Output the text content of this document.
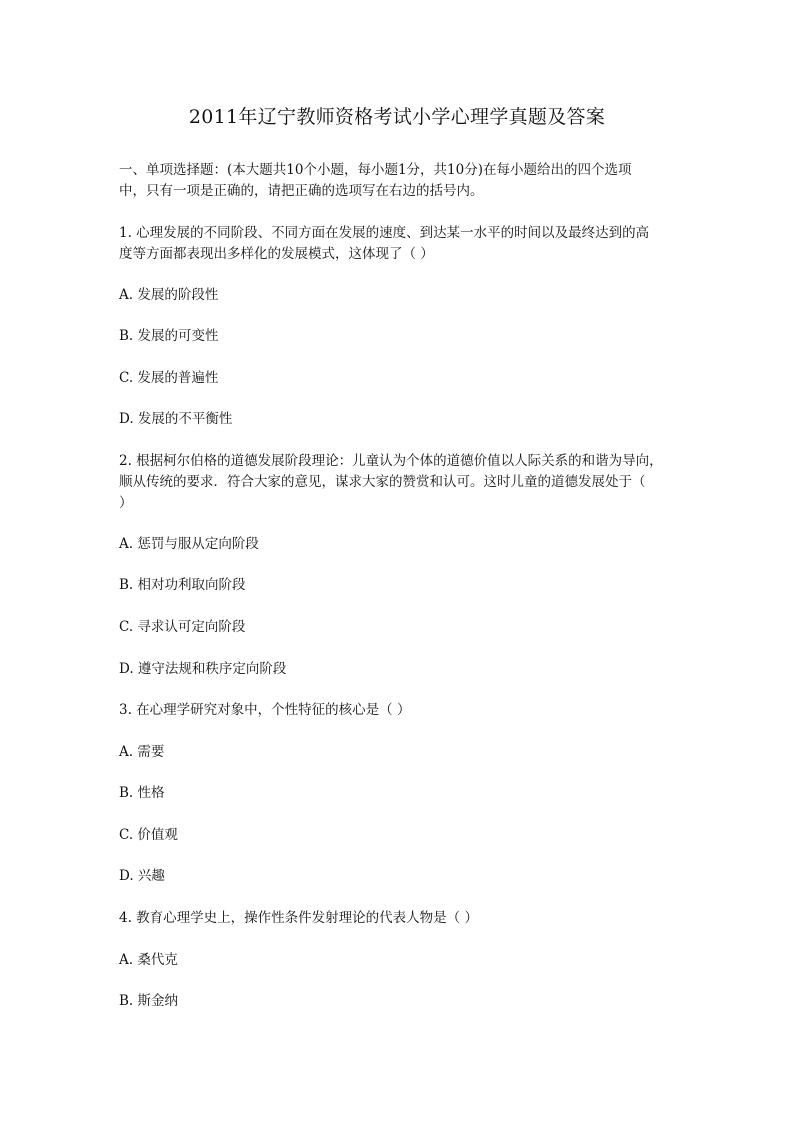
2011年辽宁教师资格考试小学心理学真题及答案
一、单项选择题：(本大题共10个小题，每小题1分，共10分)在每小题给出的四个选项
中，只有一项是正确的，请把正确的选项写在右边的括号内。
1. 心理发展的不同阶段、不同方面在发展的速度、到达某一水平的时间以及最终达到的高
度等方面都表现出多样化的发展模式，这体现了（ ）
A. 发展的阶段性
B. 发展的可变性
C. 发展的普遍性
D. 发展的不平衡性
2. 根据柯尔伯格的道德发展阶段理论：儿童认为个体的道德价值以人际关系的和谐为导向，
顺从传统的要求．符合大家的意见，谋求大家的赞赏和认可。这时儿童的道德发展处于（
）
A. 惩罚与服从定向阶段
B. 相对功利取向阶段
C. 寻求认可定向阶段
D. 遵守法规和秩序定向阶段
3. 在心理学研究对象中，个性特征的核心是（ ）
A. 需要
B. 性格
C. 价值观
D. 兴趣
4. 教育心理学史上，操作性条件发射理论的代表人物是（ ）
A. 桑代克
B. 斯金纳
